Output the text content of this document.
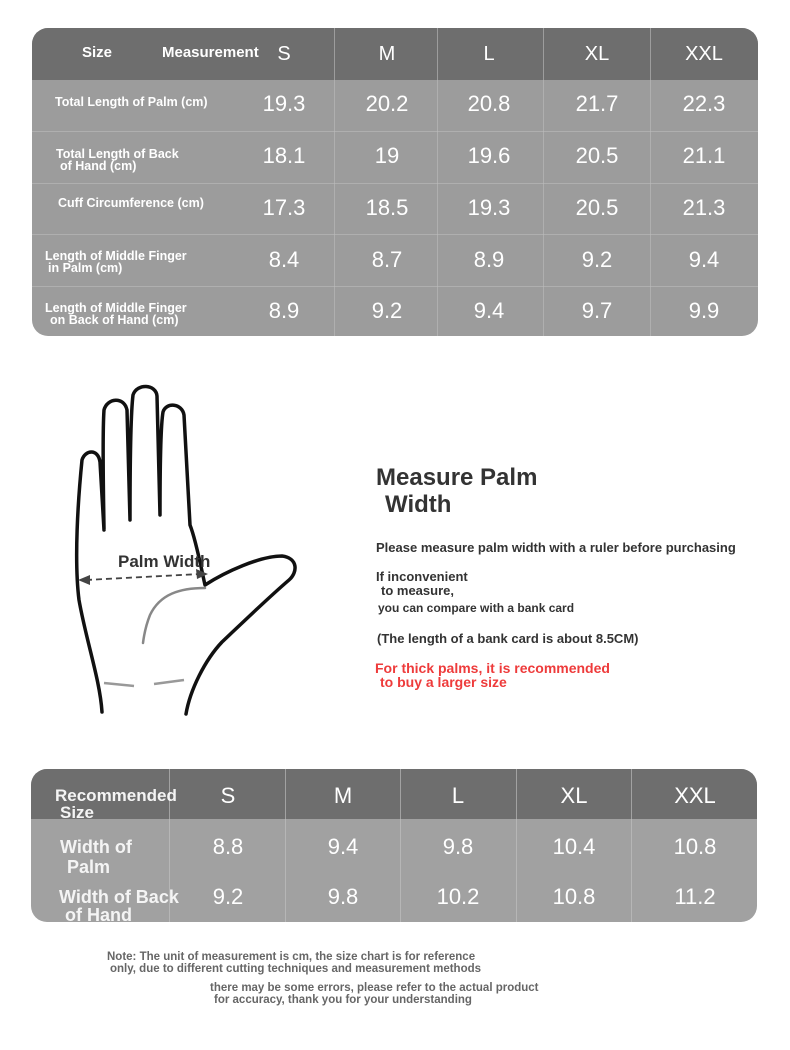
Size	Measurement S	M	L	XL	XXL
Total Length of Palm (cm)	19.3	20.2	20.8	21.7	22.3
Total Length of Back
of Hand (cm)	18.1	19	19.6	20.5	21.1
Cuff Circumference (cm)	17.3	18.5	19.3	20.5	21.3
Length of Middle Finger
in Palm (cm)	8.4	8.7	8.9	9.2	9.4
Length of Middle Finger
on Back of Hand (cm)	8.9	9.2	9.4	9.7	9.9
Palm Width
Measure Palm
Width
Please measure palm width with a ruler before purchasing
If inconvenient
to measure,
you can compare with a bank card
(The length of a bank card is about 8.5CM)
For thick palms, it is recommended
to buy a larger size
Recommended
Size
S	M	L	XL	XXL
Width of
Palm
8.8	9.4	9.8	10.4	10.8
Width of Back
of Hand
9.2	9.8	10.2	10.8	11.2
Note: The unit of measurement is cm, the size chart is for reference
only, due to different cutting techniques and measurement methods
there may be some errors, please refer to the actual product
for accuracy, thank you for your understanding
